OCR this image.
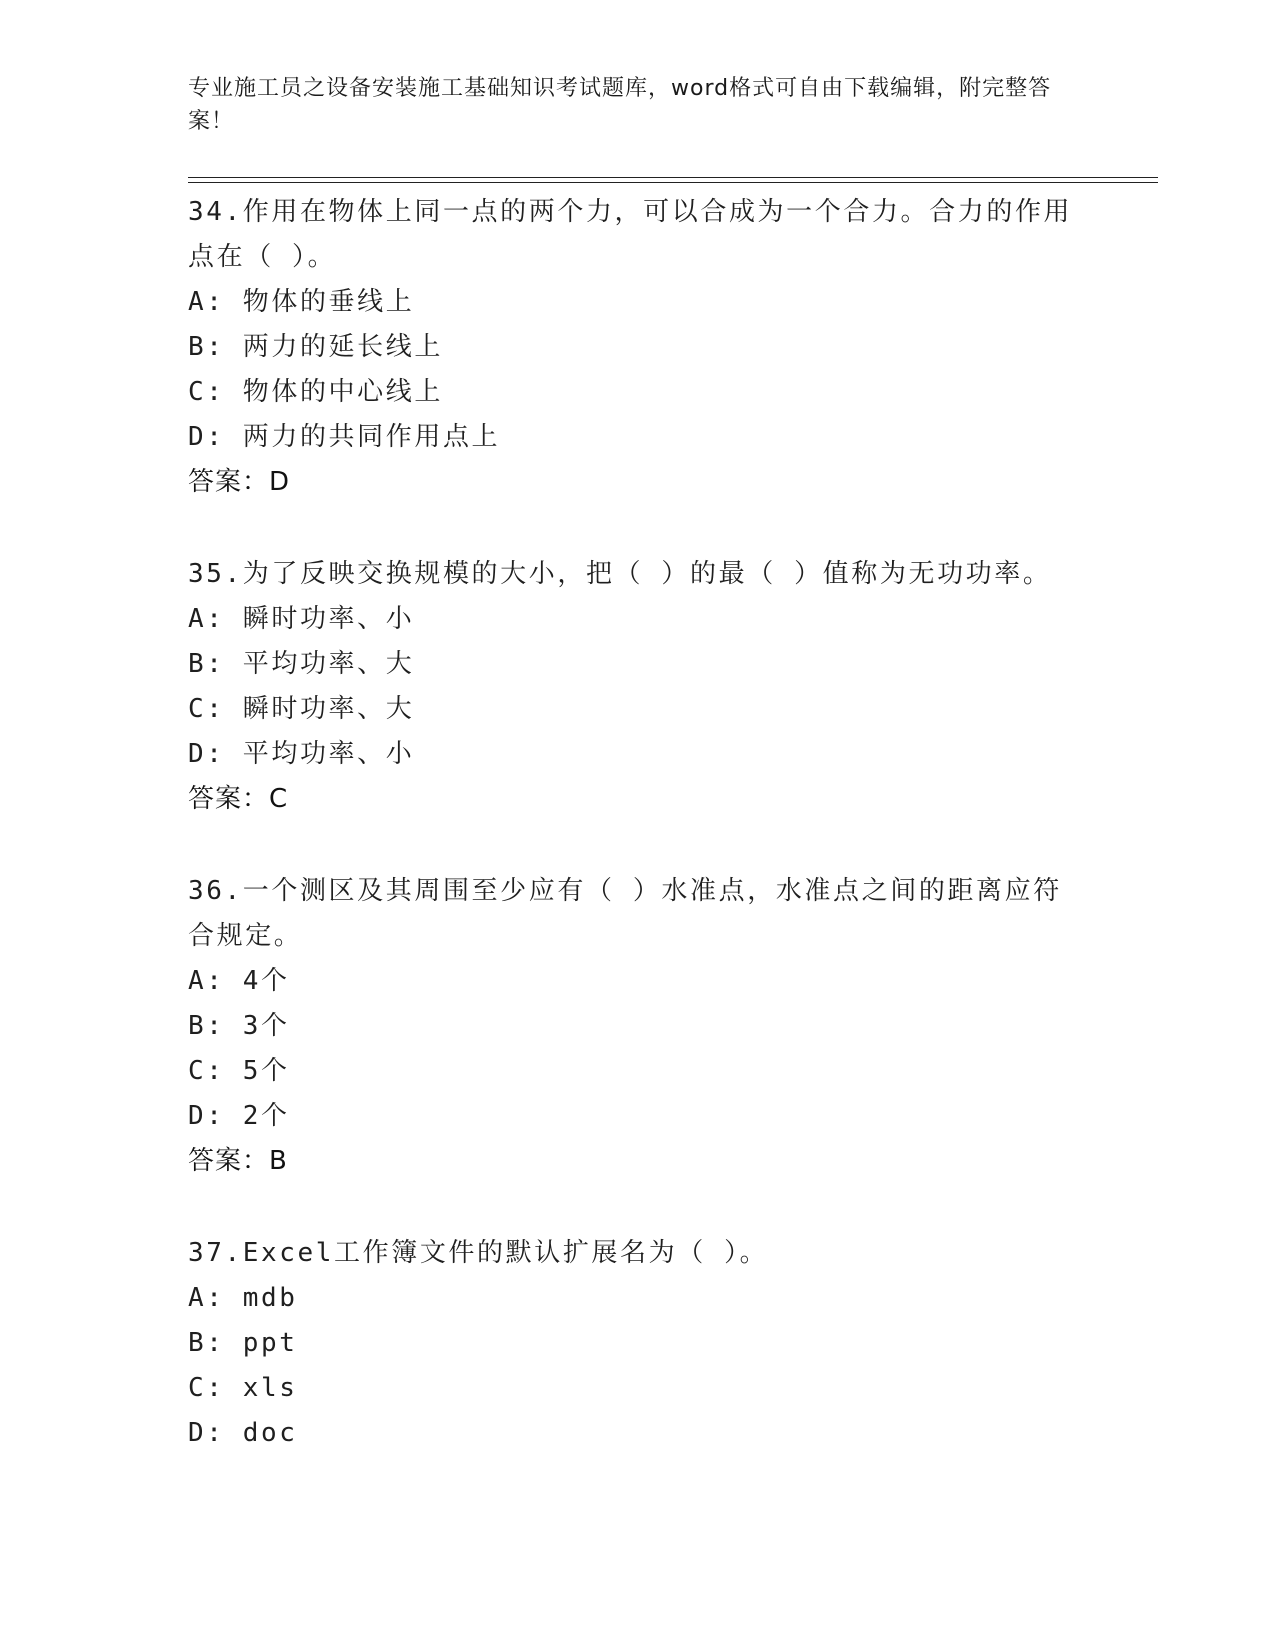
专业施工员之设备安装施工基础知识考试题库，word格式可自由下载编辑，附完整答案！
34.作用在物体上同一点的两个力，可以合成为一个合力。合力的作用
点在（ ）。
A: 物体的垂线上
B: 两力的延长线上
C: 物体的中心线上
D: 两力的共同作用点上
答案：D
35.为了反映交换规模的大小，把（ ）的最（ ）值称为无功功率。
A: 瞬时功率、小
B: 平均功率、大
C: 瞬时功率、大
D: 平均功率、小
答案：C
36.一个测区及其周围至少应有（ ）水准点，水准点之间的距离应符
合规定。
A: 4个
B: 3个
C: 5个
D: 2个
答案：B
37.Excel工作簿文件的默认扩展名为（ ）。
A: mdb
B: ppt
C: xls
D: doc
